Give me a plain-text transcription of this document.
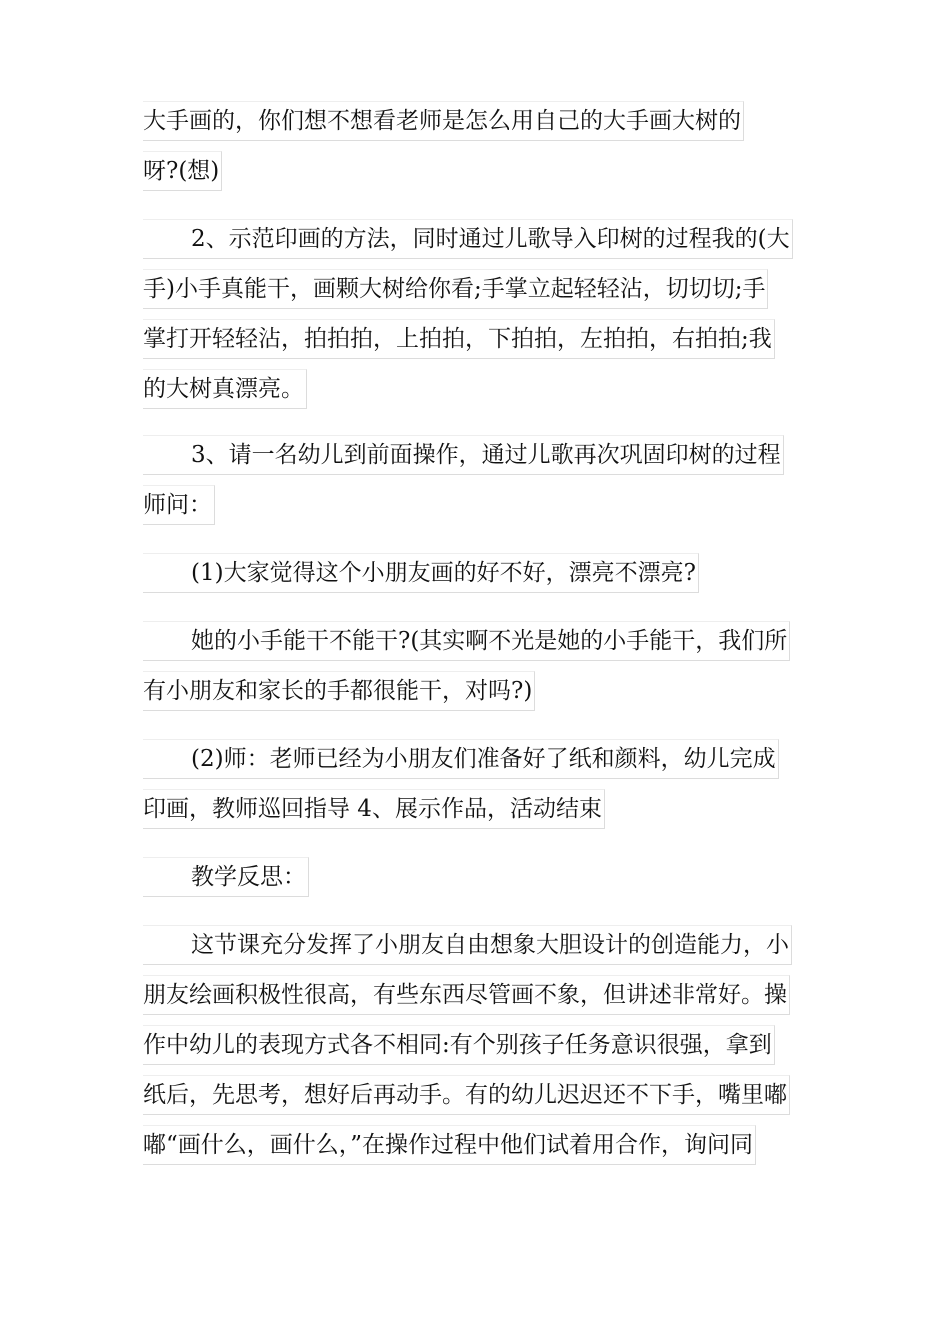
大手画的，你们想不想看老师是怎么用自己的大手画大树的
呀?(想)
2、示范印画的方法，同时通过儿歌导入印树的过程我的(大
手)小手真能干，画颗大树给你看;手掌立起轻轻沾，切切切;手
掌打开轻轻沾，拍拍拍，上拍拍，下拍拍，左拍拍，右拍拍;我
的大树真漂亮。
3、请一名幼儿到前面操作，通过儿歌再次巩固印树的过程
师问：
(1)大家觉得这个小朋友画的好不好，漂亮不漂亮?
她的小手能干不能干?(其实啊不光是她的小手能干，我们所
有小朋友和家长的手都很能干，对吗?)
(2)师：老师已经为小朋友们准备好了纸和颜料，幼儿完成
印画，教师巡回指导 4、展示作品，活动结束
教学反思：
这节课充分发挥了小朋友自由想象大胆设计的创造能力，小
朋友绘画积极性很高，有些东西尽管画不象，但讲述非常好。操
作中幼儿的表现方式各不相同:有个别孩子任务意识很强，拿到
纸后，先思考，想好后再动手。有的幼儿迟迟还不下手，嘴里嘟
嘟“画什么，画什么，”在操作过程中他们试着用合作，询问同
